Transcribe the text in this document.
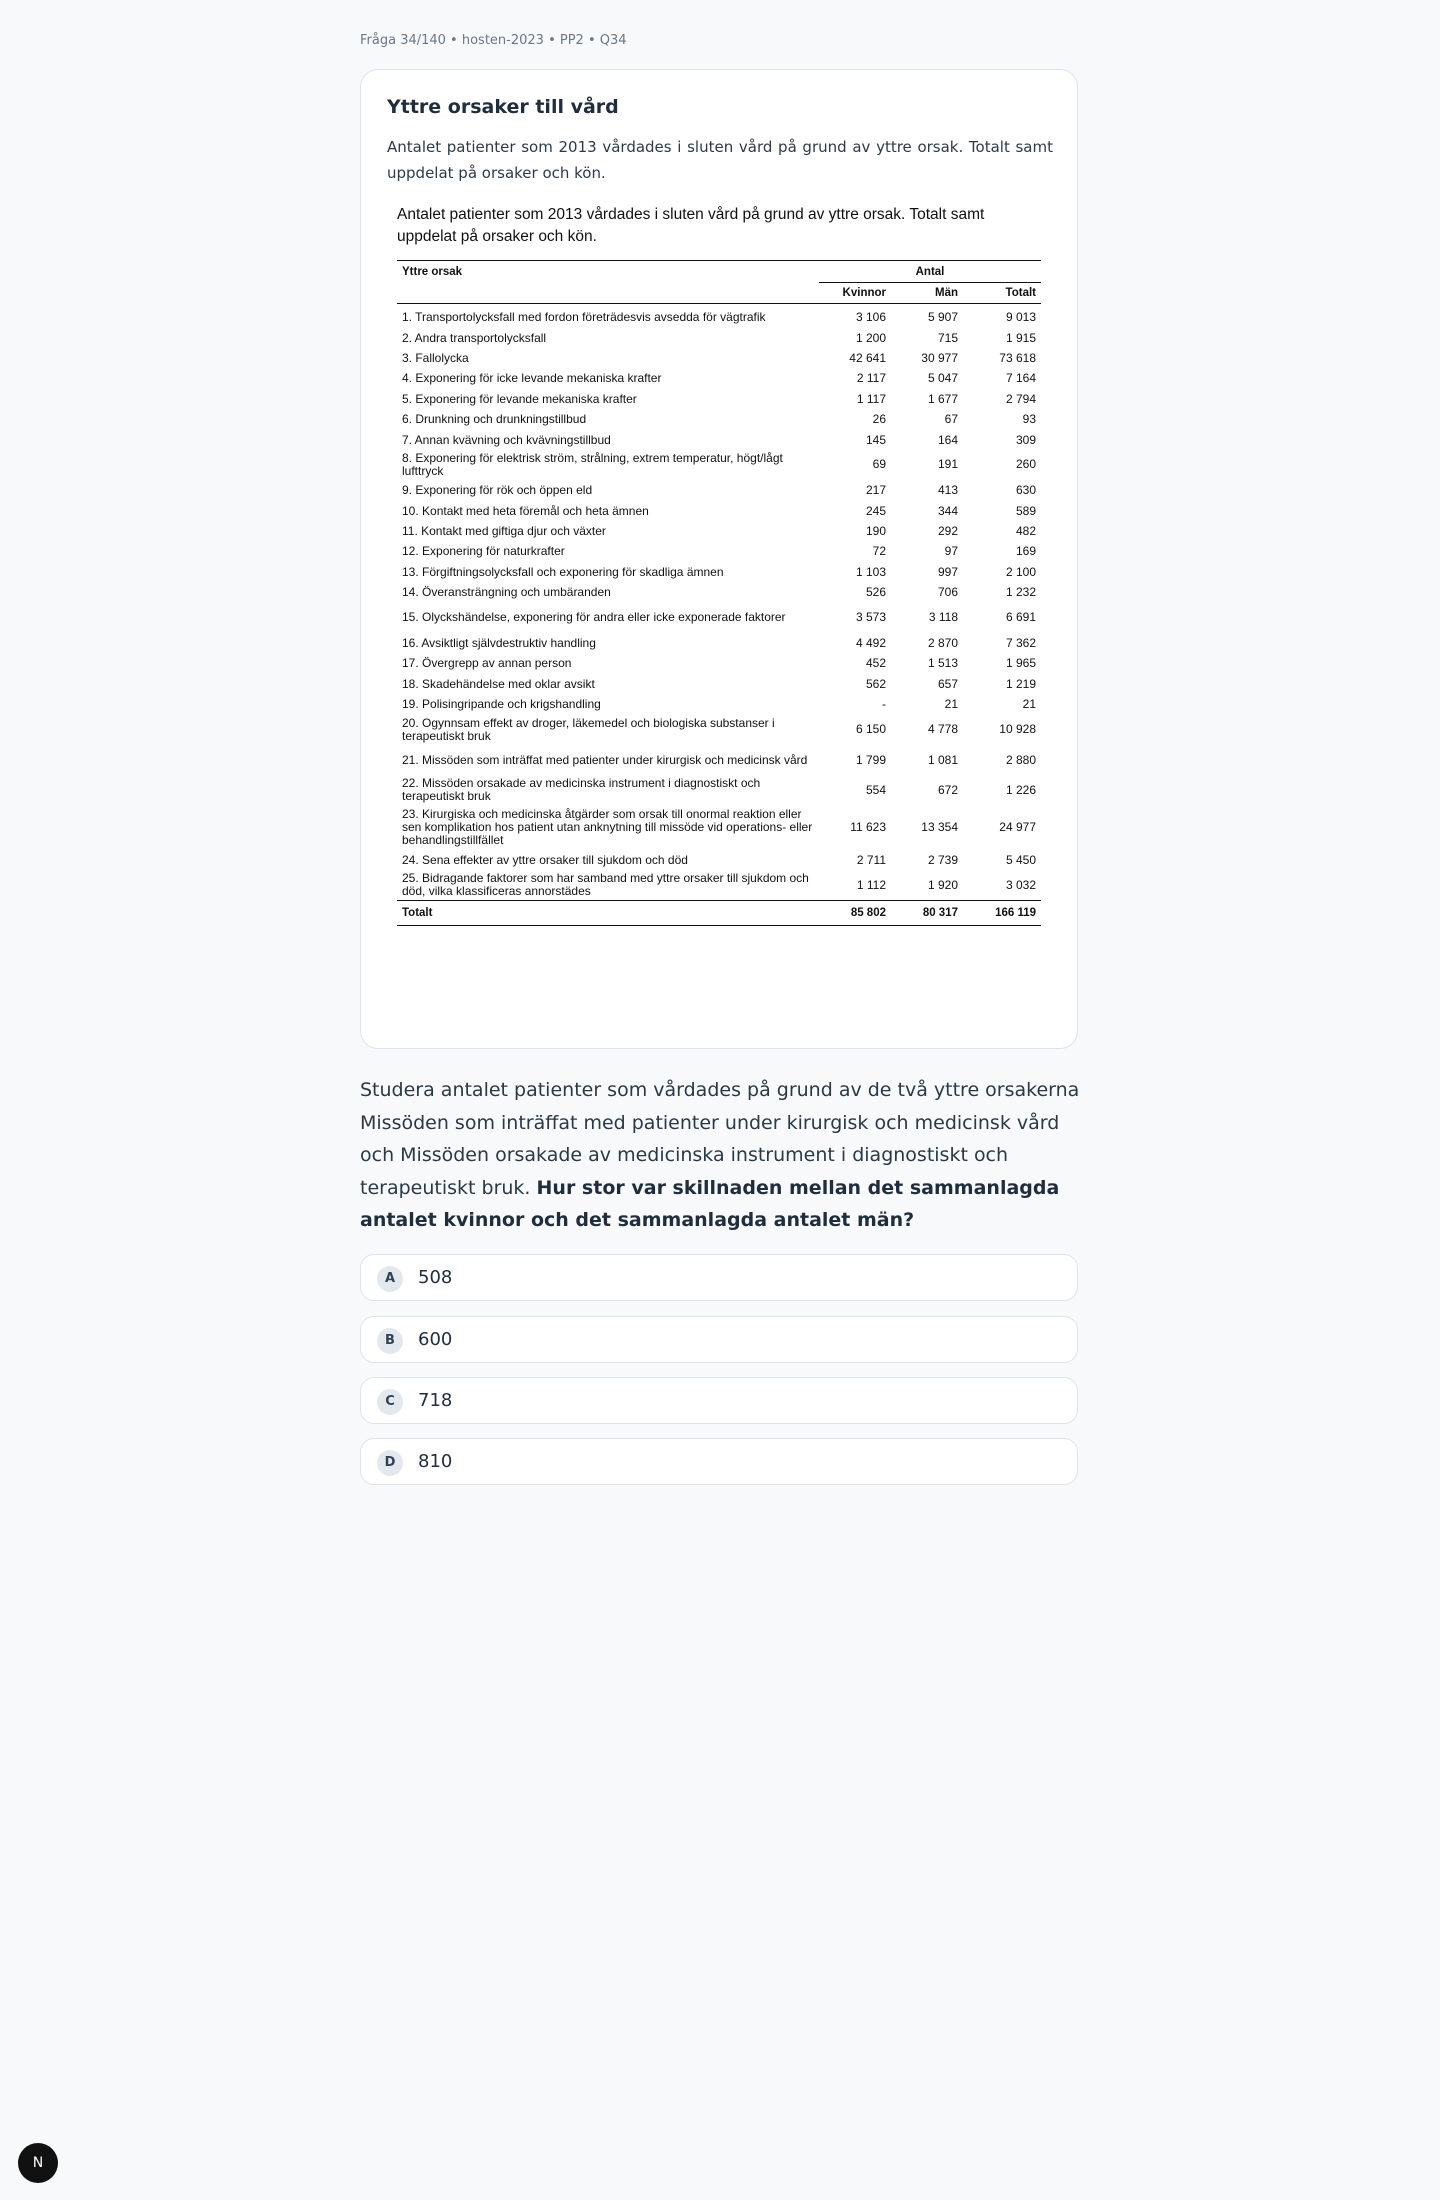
Fråga 34/140 • hosten-2023 • PP2 • Q34
Yttre orsaker till vård
Antalet patienter som 2013 vårdades i sluten vård på grund av yttre orsak. Totalt samt uppdelat på orsaker och kön.
Antalet patienter som 2013 vårdades i sluten vård på grund av yttre orsak. Totalt samt uppdelat på orsaker och kön.
Yttre orsak	Antal		
	Kvinnor	Män	Totalt
1. Transportolycksfall med fordon företrädesvis avsedda för vägtrafik	3 106	5 907	9 013
2. Andra transportolycksfall	1 200	715	1 915
3. Fallolycka	42 641	30 977	73 618
4. Exponering för icke levande mekaniska krafter	2 117	5 047	7 164
5. Exponering för levande mekaniska krafter	1 117	1 677	2 794
6. Drunkning och drunkningstillbud	26	67	93
7. Annan kvävning och kvävningstillbud	145	164	309
8. Exponering för elektrisk ström, strålning, extrem temperatur, högt/lågt lufttryck	69	191	260
9. Exponering för rök och öppen eld	217	413	630
10. Kontakt med heta föremål och heta ämnen	245	344	589
11. Kontakt med giftiga djur och växter	190	292	482
12. Exponering för naturkrafter	72	97	169
13. Förgiftningsolycksfall och exponering för skadliga ämnen	1 103	997	2 100
14. Överansträngning och umbäranden	526	706	1 232
15. Olyckshändelse, exponering för andra eller icke exponerade faktorer	3 573	3 118	6 691
16. Avsiktligt självdestruktiv handling	4 492	2 870	7 362
17. Övergrepp av annan person	452	1 513	1 965
18. Skadehändelse med oklar avsikt	562	657	1 219
19. Polisingripande och krigshandling	-	21	21
20. Ogynnsam effekt av droger, läkemedel och biologiska substanser i terapeutiskt bruk	6 150	4 778	10 928
21. Missöden som inträffat med patienter under kirurgisk och medicinsk vård	1 799	1 081	2 880
22. Missöden orsakade av medicinska instrument i diagnostiskt och terapeutiskt bruk	554	672	1 226
23. Kirurgiska och medicinska åtgärder som orsak till onormal reaktion eller sen komplikation hos patient utan anknytning till missöde vid operations- eller behandlingstillfället	11 623	13 354	24 977
24. Sena effekter av yttre orsaker till sjukdom och död	2 711	2 739	5 450
25. Bidragande faktorer som har samband med yttre orsaker till sjukdom och död, vilka klassificeras annorstädes	1 112	1 920	3 032
Totalt	85 802	80 317	166 119
Studera antalet patienter som vårdades på grund av de två yttre orsakerna Missöden som inträffat med patienter under kirurgisk och medicinsk vård och Missöden orsakade av medicinska instrument i diagnostiskt och terapeutiskt bruk. Hur stor var skillnaden mellan det sammanlagda antalet kvinnor och det sammanlagda antalet män?
A	508
B	600
C	718
D	810
N
